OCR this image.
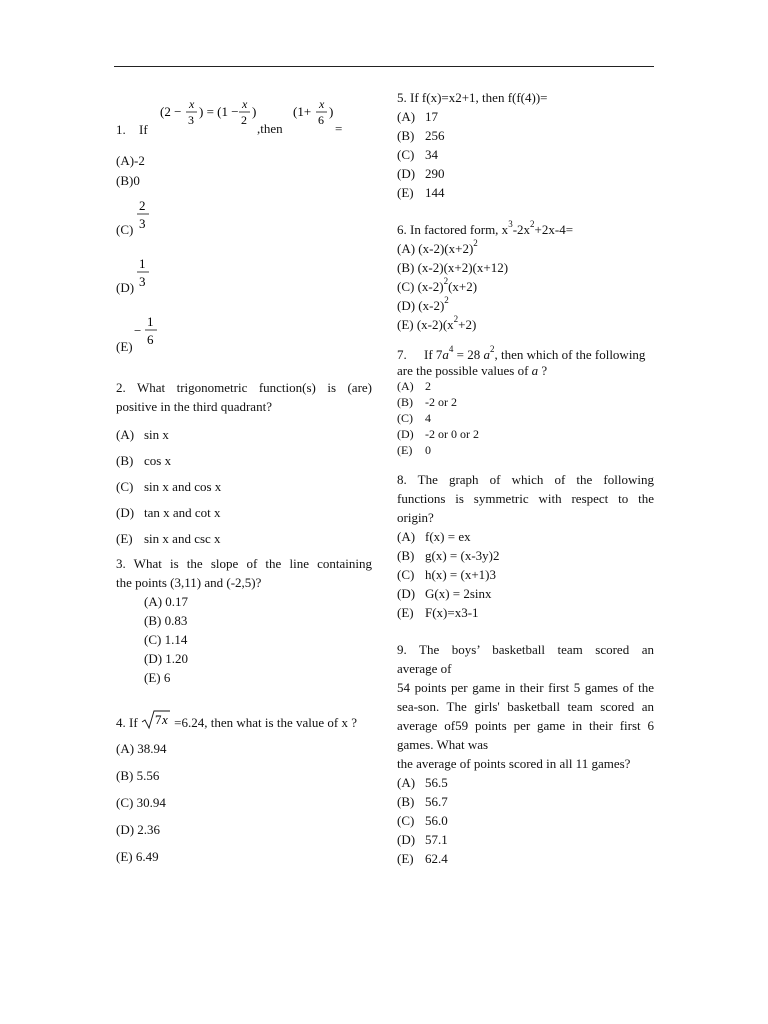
(2 − x
3
) = (1 − x
2
)	(1+ x
6
)
1. If	,then	=
(A)-2
(B)0
(C)
2
3
(D)
1
3
(E)
−
1
6
2. What trigonometric function(s) is (are)
positive in the third quadrant?
(A) sin x
(B) cos x
(C) sin x and cos x
(D) tan x and cot x
(E) sin x and csc x
3. What is the slope of the line containing
the points (3,11) and (-2,5)?
(A) 0.17
(B) 0.83
(C) 1.14
(D) 1.20
(E) 6
4. If 7 x =6.24, then what is the value of x ?
(A) 38.94
(B) 5.56
(C) 30.94
(D) 2.36
(E) 6.49
5. If f(x)=x2+1, then f(f(4))=
(A) 17
(B) 256
(C) 34
(D) 290
(E) 144
6. In factored form, $x^3-2x^2+2x-4=$
(A) $(x-2)(x+2)^2$
(B) (x-2)(x+2)(x+12)
(C) $(x-2)^2(x+2)$
(D) $(x-2)^2$
(E) $(x-2)(x^2+2)$
7. If $7a^4 = 28$ $a^2$, then which of the following
are the possible values of a ?
(A) 2
(B) -2 or 2
(C) 4
(D) -2 or 0 or 2
(E) 0
8. The graph of which of the following
functions is symmetric with respect to the
origin?
(A) f(x) = ex
(B) g(x) = (x-3y)2
(C) h(x) = (x+1)3
(D) G(x) = 2sinx
(E) F(x)=x3-1
9. The boys’ basketball team scored an
average of
54 points per game in their first 5 games of the
sea-son. The girls' basketball team scored an
average of59 points per game in their first 6
games. What was
the average of points scored in all 11 games?
(A) 56.5
(B) 56.7
(C) 56.0
(D) 57.1
(E) 62.4
